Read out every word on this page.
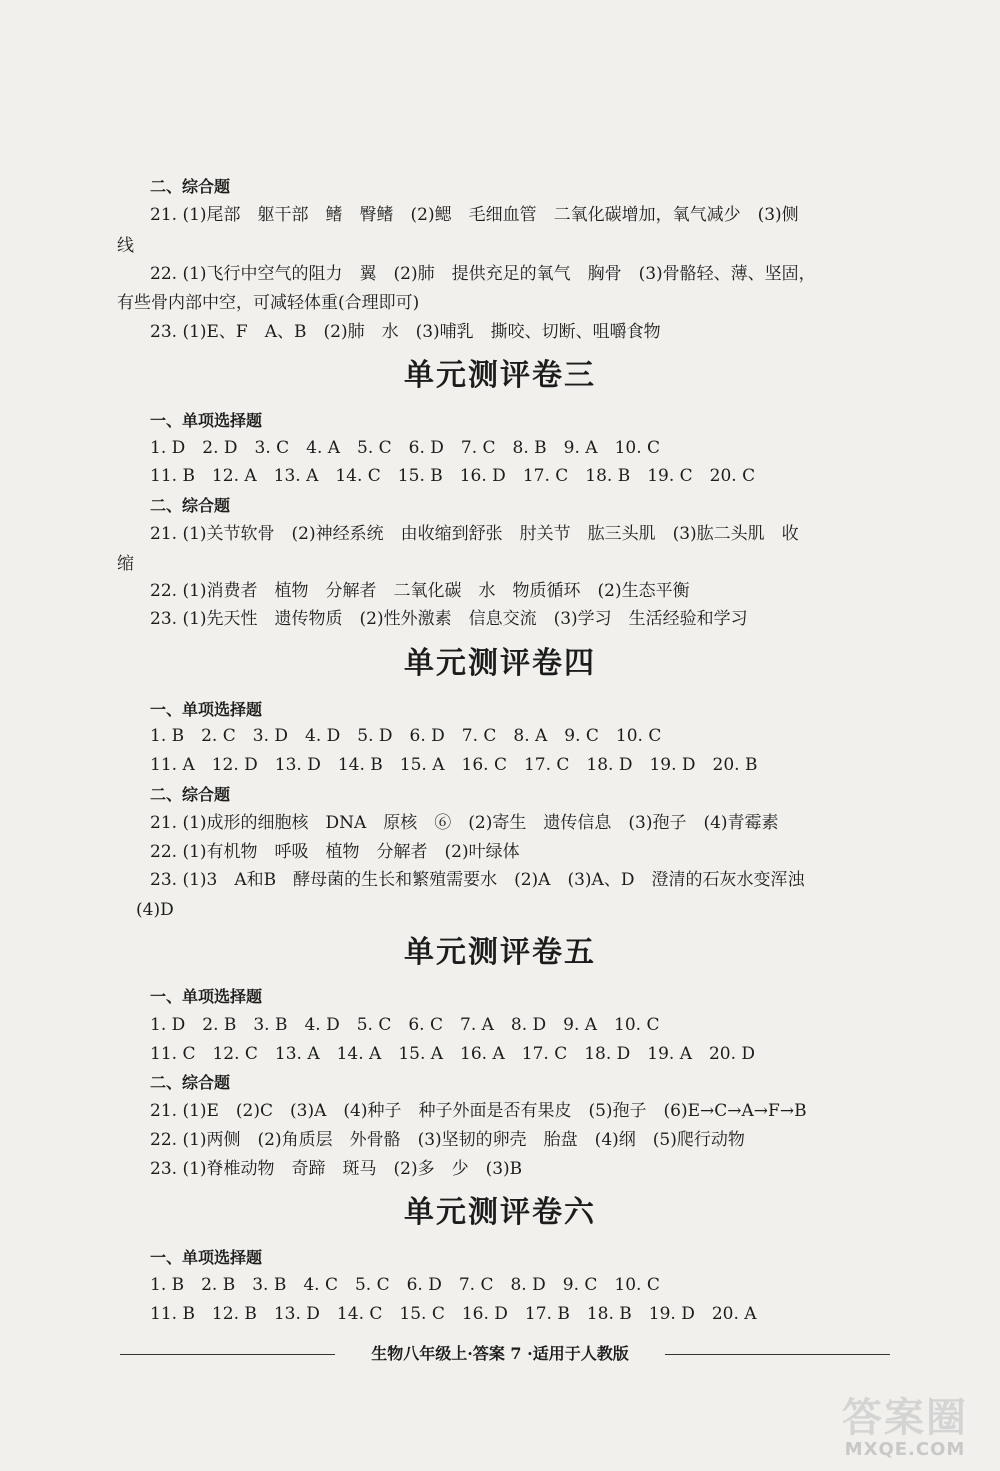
二、综合题
21. (1)尾部　躯干部　鳍　臀鳍　(2)鳃　毛细血管　二氧化碳增加，氧气减少　(3)侧
线
22. (1)飞行中空气的阻力　翼　(2)肺　提供充足的氧气　胸骨　(3)骨骼轻、薄、坚固，
有些骨内部中空，可减轻体重(合理即可)
23. (1)E、F　A、B　(2)肺　水　(3)哺乳　撕咬、切断、咀嚼食物
单元测评卷三
一、单项选择题
1. D　2. D　3. C　4. A　5. C　6. D　7. C　8. B　9. A　10. C
11. B　12. A　13. A　14. C　15. B　16. D　17. C　18. B　19. C　20. C
二、综合题
21. (1)关节软骨　(2)神经系统　由收缩到舒张　肘关节　肱三头肌　(3)肱二头肌　收
缩
22. (1)消费者　植物　分解者　二氧化碳　水　物质循环　(2)生态平衡
23. (1)先天性　遗传物质　(2)性外激素　信息交流　(3)学习　生活经验和学习
单元测评卷四
一、单项选择题
1. B　2. C　3. D　4. D　5. D　6. D　7. C　8. A　9. C　10. C
11. A　12. D　13. D　14. B　15. A　16. C　17. C　18. D　19. D　20. B
二、综合题
21. (1)成形的细胞核　DNA　原核　⑥　(2)寄生　遗传信息　(3)孢子　(4)青霉素
22. (1)有机物　呼吸　植物　分解者　(2)叶绿体
23. (1)3　A和B　酵母菌的生长和繁殖需要水　(2)A　(3)A、D　澄清的石灰水变浑浊
(4)D
单元测评卷五
一、单项选择题
1. D　2. B　3. B　4. D　5. C　6. C　7. A　8. D　9. A　10. C
11. C　12. C　13. A　14. A　15. A　16. A　17. C　18. D　19. A　20. D
二、综合题
21. (1)E　(2)C　(3)A　(4)种子　种子外面是否有果皮　(5)孢子　(6)E→C→A→F→B
22. (1)两侧　(2)角质层　外骨骼　(3)坚韧的卵壳　胎盘　(4)纲　(5)爬行动物
23. (1)脊椎动物　奇蹄　斑马　(2)多　少　(3)B
单元测评卷六
一、单项选择题
1. B　2. B　3. B　4. C　5. C　6. D　7. C　8. D　9. C　10. C
11. B　12. B　13. D　14. C　15. C　16. D　17. B　18. B　19. D　20. A
生物八年级上·答案 7 ·适用于人教版
答案圈
MXQE.COM
